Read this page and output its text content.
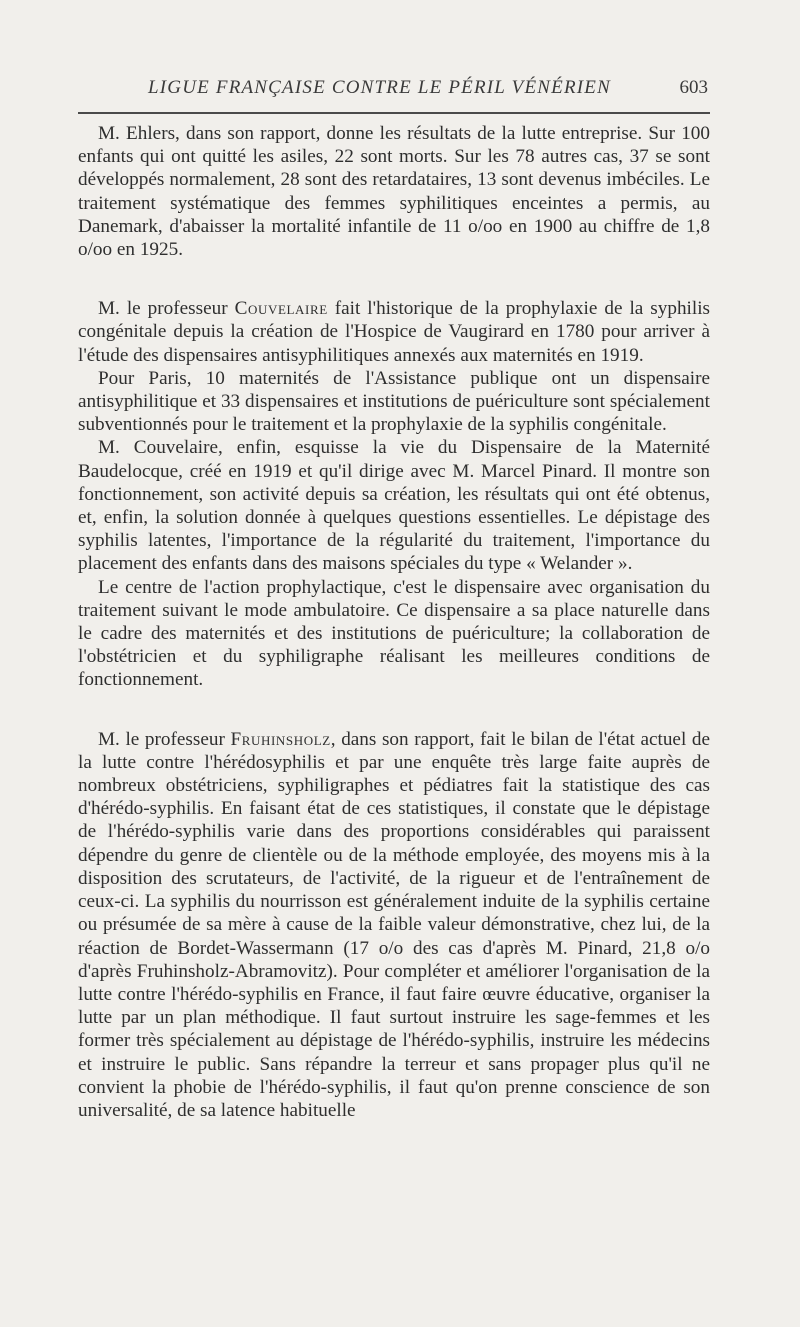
LIGUE FRANÇAISE CONTRE LE PÉRIL VÉNÉRIEN	603

M. Ehlers, dans son rapport, donne les résultats de la lutte entreprise. Sur 100 enfants qui ont quitté les asiles, 22 sont morts. Sur les 78 autres cas, 37 se sont développés normalement, 28 sont des retardataires, 13 sont devenus imbéciles. Le traitement systématique des femmes syphilitiques enceintes a permis, au Danemark, d'abaisser la mortalité infantile de 11 o/oo en 1900 au chiffre de 1,8 o/oo en 1925.

M. le professeur Couvelaire fait l'historique de la prophylaxie de la syphilis congénitale depuis la création de l'Hospice de Vaugirard en 1780 pour arriver à l'étude des dispensaires antisyphilitiques annexés aux maternités en 1919.

Pour Paris, 10 maternités de l'Assistance publique ont un dispensaire antisyphilitique et 33 dispensaires et institutions de puériculture sont spécialement subventionnés pour le traitement et la prophylaxie de la syphilis congénitale.

M. Couvelaire, enfin, esquisse la vie du Dispensaire de la Maternité Baudelocque, créé en 1919 et qu'il dirige avec M. Marcel Pinard. Il montre son fonctionnement, son activité depuis sa création, les résultats qui ont été obtenus, et, enfin, la solution donnée à quelques questions essentielles. Le dépistage des syphilis latentes, l'importance de la régularité du traitement, l'importance du placement des enfants dans des maisons spéciales du type « Welander ».

Le centre de l'action prophylactique, c'est le dispensaire avec organisation du traitement suivant le mode ambulatoire. Ce dispensaire a sa place naturelle dans le cadre des maternités et des institutions de puériculture; la collaboration de l'obstétricien et du syphiligraphe réalisant les meilleures conditions de fonctionnement.

M. le professeur Fruhinsholz, dans son rapport, fait le bilan de l'état actuel de la lutte contre l'hérédosyphilis et par une enquête très large faite auprès de nombreux obstétriciens, syphiligraphes et pédiatres fait la statistique des cas d'hérédo-syphilis. En faisant état de ces statistiques, il constate que le dépistage de l'hérédo-syphilis varie dans des proportions considérables qui paraissent dépendre du genre de clientèle ou de la méthode employée, des moyens mis à la disposition des scrutateurs, de l'activité, de la rigueur et de l'entraînement de ceux-ci. La syphilis du nourrisson est généralement induite de la syphilis certaine ou présumée de sa mère à cause de la faible valeur démonstrative, chez lui, de la réaction de Bordet-Wassermann (17 o/o des cas d'après M. Pinard, 21,8 o/o d'après Fruhinsholz-Abramovitz). Pour compléter et améliorer l'organisation de la lutte contre l'hérédo-syphilis en France, il faut faire œuvre éducative, organiser la lutte par un plan méthodique. Il faut surtout instruire les sage-femmes et les former très spécialement au dépistage de l'hérédo-syphilis, instruire les médecins et instruire le public. Sans répandre la terreur et sans propager plus qu'il ne convient la phobie de l'hérédo-syphilis, il faut qu'on prenne conscience de son universalité, de sa latence habituelle
